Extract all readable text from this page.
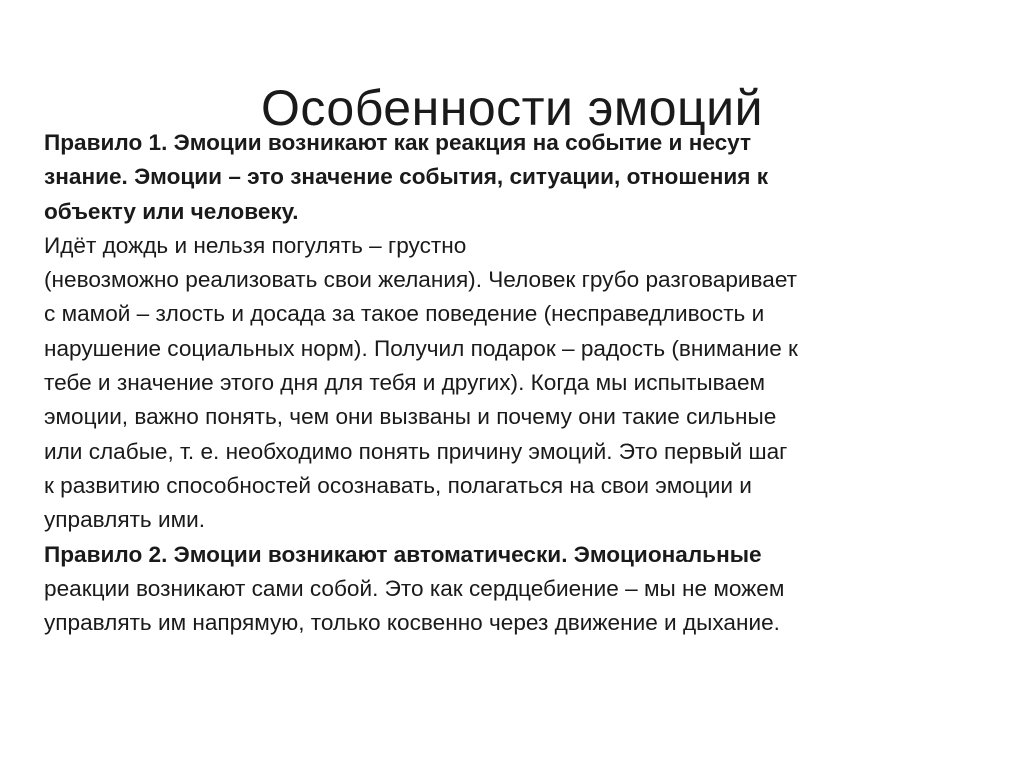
Особенности эмоций
Правило 1. Эмоции возникают как реакция на событие и несут
знание. Эмоции – это значение события, ситуации, отношения к
объекту или человеку.
Идёт дождь и нельзя погулять – грустно
(невозможно реализовать свои желания). Человек грубо разговаривает
с мамой – злость и досада за такое поведение (несправедливость и
нарушение социальных норм). Получил подарок – радость (внимание к
тебе и значение этого дня для тебя и других). Когда мы испытываем
эмоции, важно понять, чем они вызваны и почему они такие сильные
или слабые, т. е. необходимо понять причину эмоций. Это первый шаг
к развитию способностей осознавать, полагаться на свои эмоции и
управлять ими.
Правило 2. Эмоции возникают автоматически. Эмоциональные
реакции возникают сами собой. Это как сердцебиение – мы не можем
управлять им напрямую, только косвенно через движение и дыхание.
